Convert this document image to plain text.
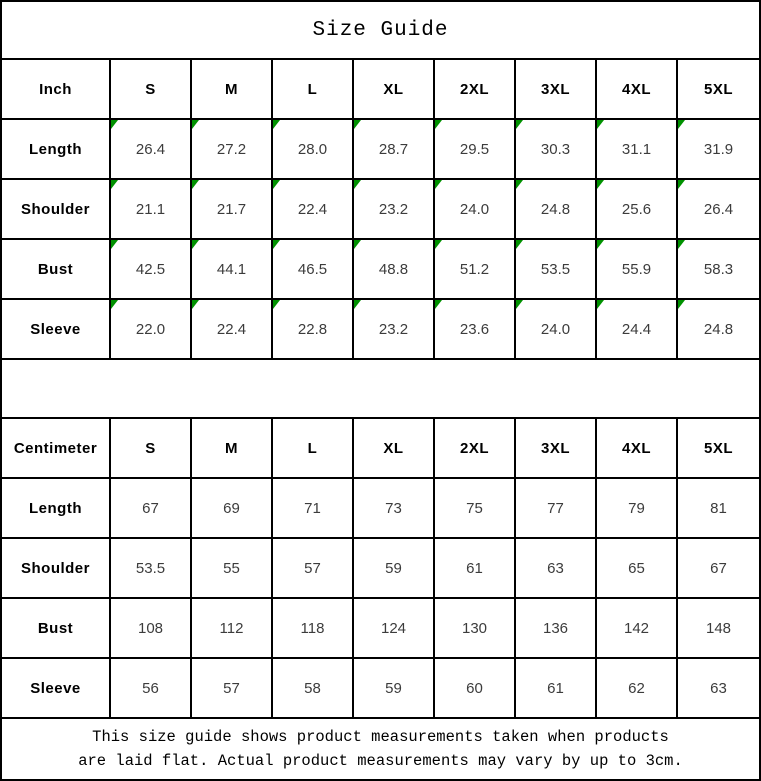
Size Guide
Inch	S	M	L	XL	2XL	3XL	4XL	5XL
Length	26.4	27.2	28.0	28.7	29.5	30.3	31.1	31.9
Shoulder	21.1	21.7	22.4	23.2	24.0	24.8	25.6	26.4
Bust	42.5	44.1	46.5	48.8	51.2	53.5	55.9	58.3
Sleeve	22.0	22.4	22.8	23.2	23.6	24.0	24.4	24.8
Centimeter	S	M	L	XL	2XL	3XL	4XL	5XL
Length	67	69	71	73	75	77	79	81
Shoulder	53.5	55	57	59	61	63	65	67
Bust	108	112	118	124	130	136	142	148
Sleeve	56	57	58	59	60	61	62	63
This size guide shows product measurements taken when products
are laid flat. Actual product measurements may vary by up to 3cm.
